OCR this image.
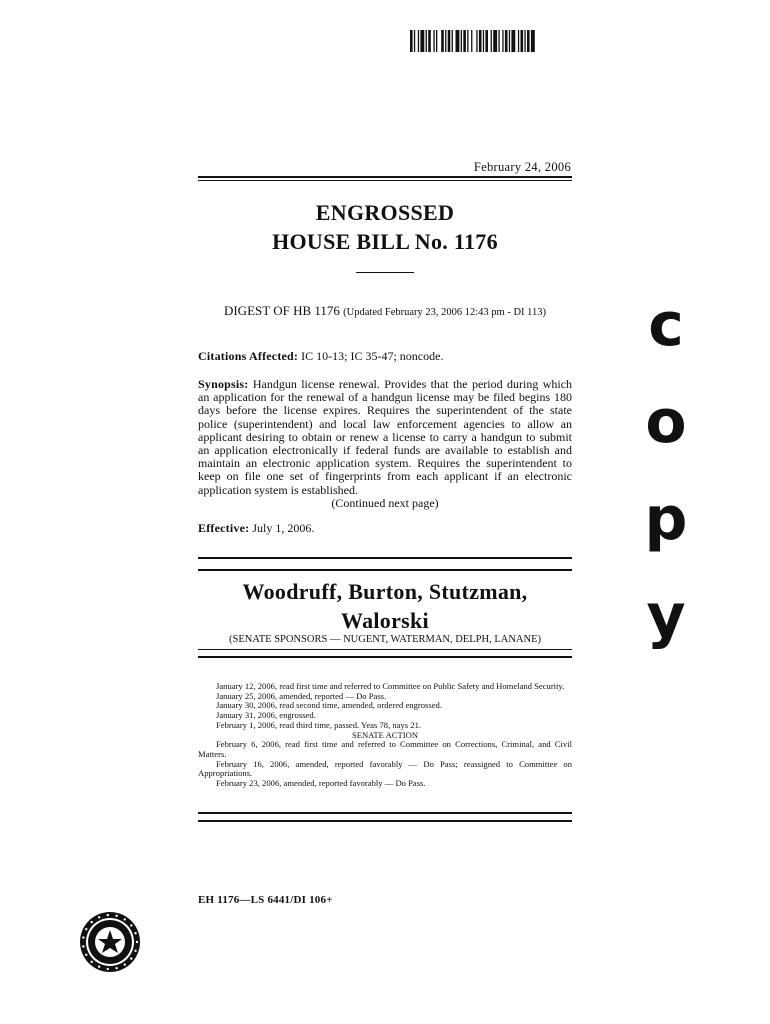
February 24, 2006
ENGROSSED
HOUSE BILL No. 1176
DIGEST OF HB 1176 (Updated February 23, 2006 12:43 pm - DI 113)
Citations Affected: IC 10-13; IC 35-47; noncode.
Synopsis: Handgun license renewal. Provides that the period during which an application for the renewal of a handgun license may be filed begins 180 days before the license expires. Requires the superintendent of the state police (superintendent) and local law enforcement agencies to allow an applicant desiring to obtain or renew a license to carry a handgun to submit an application electronically if federal funds are available to establish and maintain an electronic application system. Requires the superintendent to keep on file one set of fingerprints from each applicant if an electronic application system is established.
(Continued next page)
Effective: July 1, 2006.
Woodruff, Burton, Stutzman,
Walorski
(SENATE SPONSORS — NUGENT, WATERMAN, DELPH, LANANE)

January 12, 2006, read first time and referred to Committee on Public Safety and Homeland Security.

January 25, 2006, amended, reported — Do Pass.

January 30, 2006, read second time, amended, ordered engrossed.

January 31, 2006, engrossed.

February 1, 2006, read third time, passed. Yeas 78, nays 21.

SENATE ACTION

February 6, 2006, read first time and referred to Committee on Corrections, Criminal, and Civil Matters.

February 16, 2006, amended, reported favorably — Do Pass; reassigned to Committee on Appropriations.

February 23, 2006, amended, reported favorably — Do Pass.

EH 1176—LS 6441/DI 106+
c
o
p
y
